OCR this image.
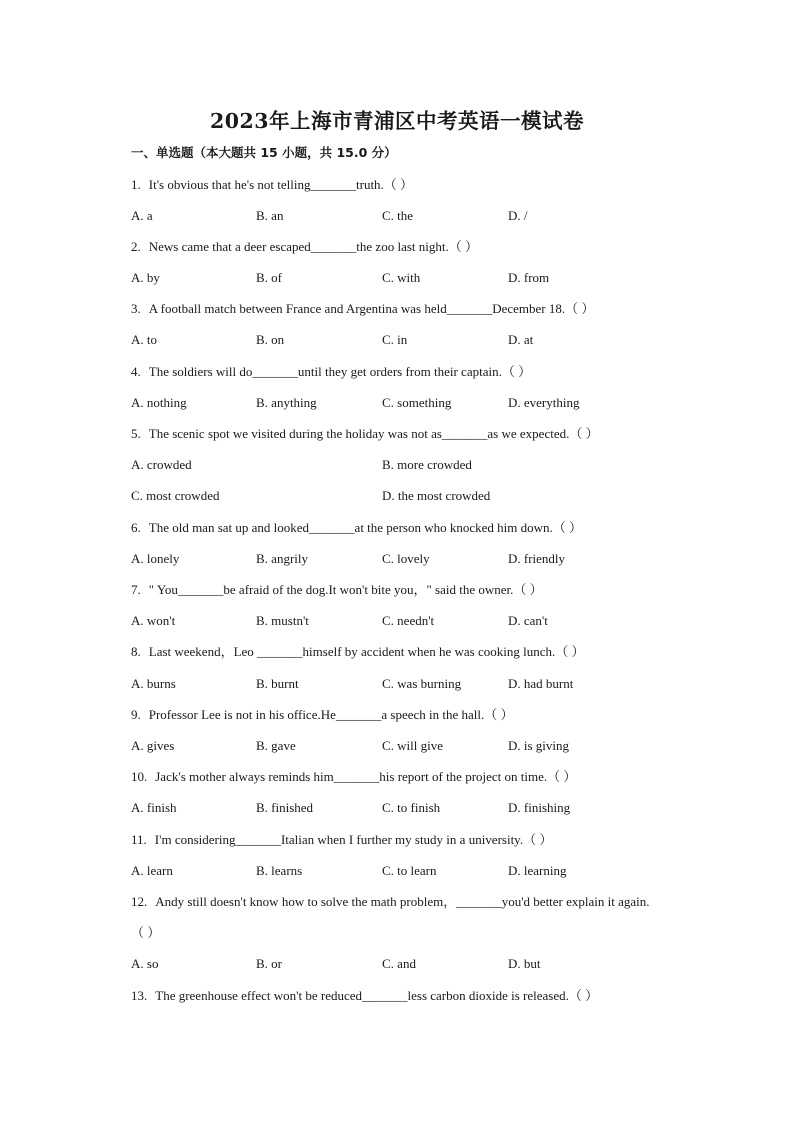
2023年上海市青浦区中考英语一模试卷
一、单选题（本大题共 15 小题，共 15.0 分）
1. It's obvious that he's not telling_______truth.（ ）
A. a	B. an	C. the	D. /
2. News came that a deer escaped_______the zoo last night.（ ）
A. by	B. of	C. with	D. from
3. A football match between France and Argentina was held_______December 18.（ ）
A. to	B. on	C. in	D. at
4. The soldiers will do_______until they get orders from their captain.（ ）
A. nothing	B. anything	C. something	D. everything
5. The scenic spot we visited during the holiday was not as_______as we expected.（ ）
A. crowded	B. more crowded
C. most crowded	D. the most crowded
6. The old man sat up and looked_______at the person who knocked him down.（ ）
A. lonely	B. angrily	C. lovely	D. friendly
7. " You_______be afraid of the dog.It won't bite you，" said the owner.（ ）
A. won't	B. mustn't	C. needn't	D. can't
8. Last weekend，Leo _______himself by accident when he was cooking lunch.（ ）
A. burns	B. burnt	C. was burning	D. had burnt
9. Professor Lee is not in his office.He_______a speech in the hall.（ ）
A. gives	B. gave	C. will give	D. is giving
10. Jack's mother always reminds him_______his report of the project on time.（ ）
A. finish	B. finished	C. to finish	D. finishing
11. I'm considering_______Italian when I further my study in a university.（ ）
A. learn	B. learns	C. to learn	D. learning
12. Andy still doesn't know how to solve the math problem，_______you'd better explain it again.
（ ）
A. so	B. or	C. and	D. but
13. The greenhouse effect won't be reduced_______less carbon dioxide is released.（ ）
